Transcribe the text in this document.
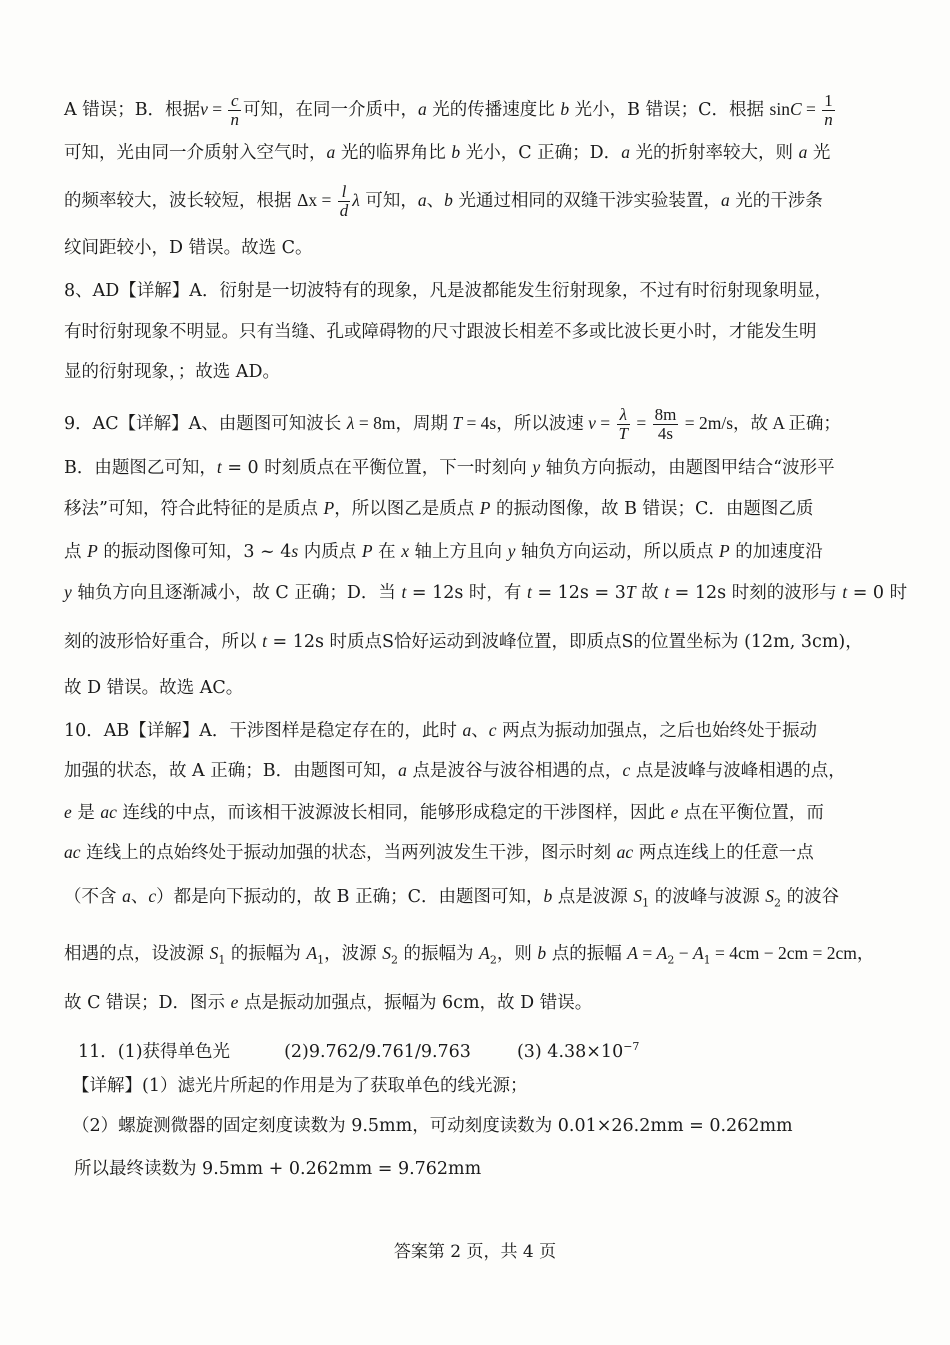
A 错误；B．根据$v = \frac{c}{n}$ 可知，在同一介质中，a 光的传播速度比 b 光小，B 错误；C．根据 $\sin C = \frac{1}{n}$
可知，光由同一介质射入空气时，a 光的临界角比 b 光小，C 正确；D．a 光的折射率较大，则 a 光
的频率较大，波长较短，根据 $\Delta x = \frac{l}{d}$ λ 可知，a、b 光通过相同的双缝干涉实验装置，a 光的干涉条
纹间距较小，D 错误。故选 C。
8、AD【详解】A．衍射是一切波特有的现象，凡是波都能发生衍射现象，不过有时衍射现象明显，
有时衍射现象不明显。只有当缝、孔或障碍物的尺寸跟波长相差不多或比波长更小时，才能发生明
显的衍射现象，；故选 AD。
9．AC【详解】A、由题图可知波长 λ = 8m，周期 T = 4s，所以波速 $v = \frac{\lambda}{T} = \frac{8m}{4s} = 2m/s$，故 A 正确；
B．由题图乙可知，t = 0 时刻质点在平衡位置，下一时刻向 y 轴负方向振动，由题图甲结合“波形平
移法”可知，符合此特征的是质点 P，所以图乙是质点 P 的振动图像，故 B 错误；C．由题图乙质
点 P 的振动图像可知，3 ~ 4s 内质点 P 在 x 轴上方且向 y 轴负方向运动，所以质点 P 的加速度沿
y 轴负方向且逐渐减小，故 C 正确；D．当 t = 12s 时，有 t = 12s = 3T 故 t = 12s 时刻的波形与 t = 0 时
刻的波形恰好重合，所以 t = 12s 时质点S恰好运动到波峰位置，即质点S的位置坐标为 (12m, 3cm)，
故 D 错误。故选 AC。
10．AB【详解】A．干涉图样是稳定存在的，此时 a、c 两点为振动加强点，之后也始终处于振动
加强的状态，故 A 正确；B．由题图可知，a 点是波谷与波谷相遇的点，c 点是波峰与波峰相遇的点，
e 是 ac 连线的中点，而该相干波源波长相同，能够形成稳定的干涉图样，因此 e 点在平衡位置，而
ac 连线上的点始终处于振动加强的状态，当两列波发生干涉，图示时刻 ac 两点连线上的任意一点
（不含 a、c）都是向下振动的，故 B 正确；C．由题图可知，b 点是波源 $S_1$ 的波峰与波源 $S_2$ 的波谷
相遇的点，设波源 $S_1$ 的振幅为 $A_1$，波源 $S_2$ 的振幅为 $A_2$，则 b 点的振幅 $A = A_2 - A_1 = 4cm - 2cm = 2cm$，
故 C 错误；D．图示 e 点是振动加强点，振幅为 6cm，故 D 错误。
11．(1)获得单色光	(2)9.762/9.761/9.763	(3) $4.38\times 10^{-7}$
【详解】(1）滤光片所起的作用是为了获取单色的线光源；
（2）螺旋测微器的固定刻度读数为 9.5mm，可动刻度读数为 0.01×26.2mm = 0.262mm
所以最终读数为 9.5mm + 0.262mm = 9.762mm
答案第 2 页，共 4 页
